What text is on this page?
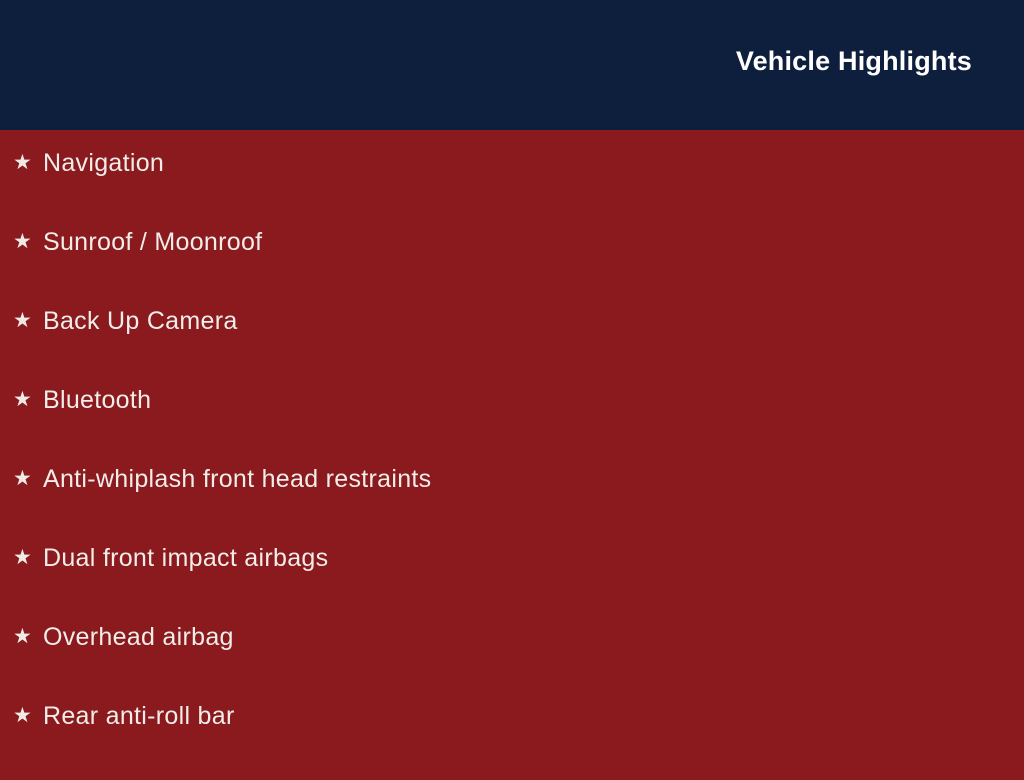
Vehicle Highlights
★ Navigation
★ Sunroof / Moonroof
★ Back Up Camera
★ Bluetooth
★ Anti-whiplash front head restraints
★ Dual front impact airbags
★ Overhead airbag
★ Rear anti-roll bar
